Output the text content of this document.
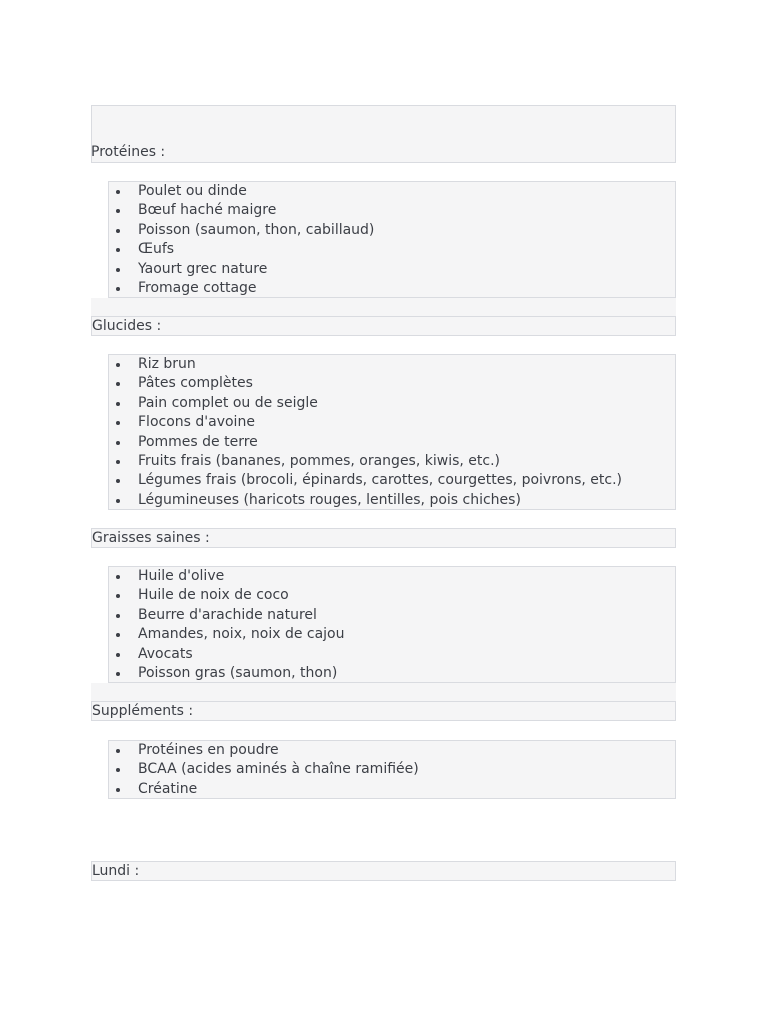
Protéines :
Poulet ou dinde
Bœuf haché maigre
Poisson (saumon, thon, cabillaud)
Œufs
Yaourt grec nature
Fromage cottage
Glucides :
Riz brun
Pâtes complètes
Pain complet ou de seigle
Flocons d'avoine
Pommes de terre
Fruits frais (bananes, pommes, oranges, kiwis, etc.)
Légumes frais (brocoli, épinards, carottes, courgettes, poivrons, etc.)
Légumineuses (haricots rouges, lentilles, pois chiches)
Graisses saines :
Huile d'olive
Huile de noix de coco
Beurre d'arachide naturel
Amandes, noix, noix de cajou
Avocats
Poisson gras (saumon, thon)
Suppléments :
Protéines en poudre
BCAA (acides aminés à chaîne ramifiée)
Créatine
Lundi :
